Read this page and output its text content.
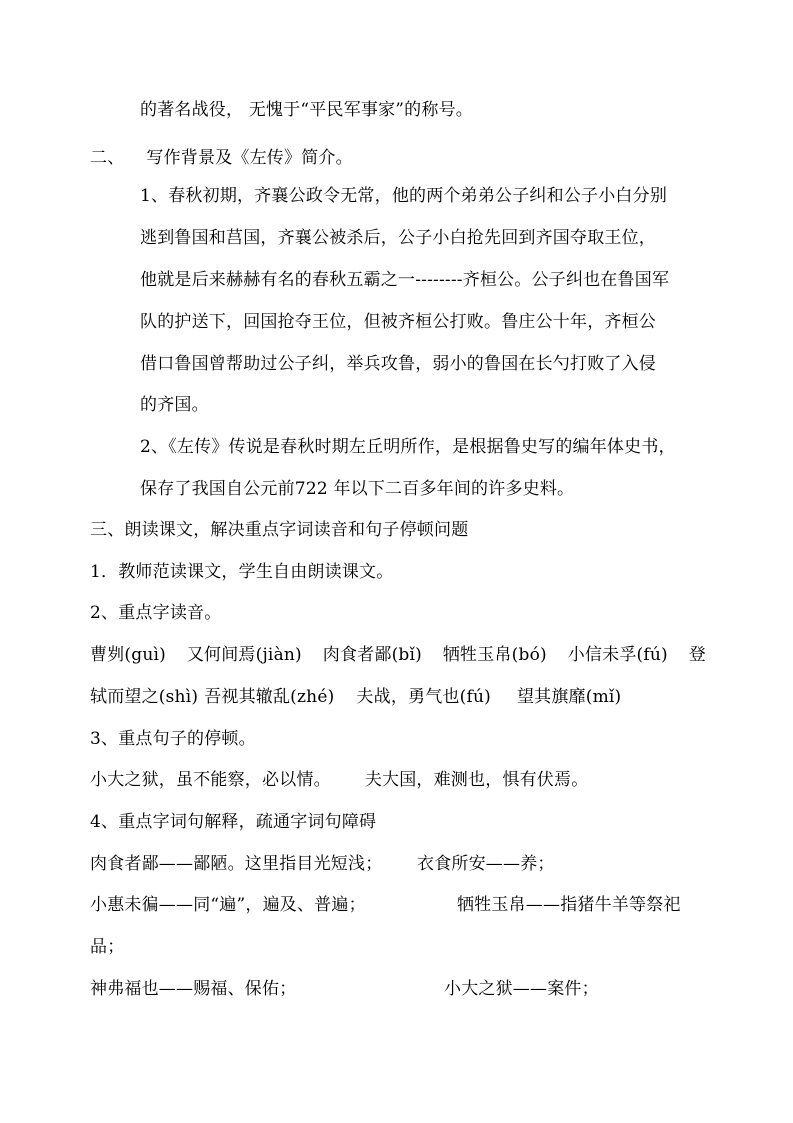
的著名战役， 无愧于“平民军事家”的称号。
二、 写作背景及《左传》简介。
1、春秋初期，齐襄公政令无常，他的两个弟弟公子纠和公子小白分别
逃到鲁国和莒国，齐襄公被杀后，公子小白抢先回到齐国夺取王位，
他就是后来赫赫有名的春秋五霸之一--------齐桓公。公子纠也在鲁国军
队的护送下，回国抢夺王位，但被齐桓公打败。鲁庄公十年，齐桓公
借口鲁国曾帮助过公子纠，举兵攻鲁，弱小的鲁国在长勺打败了入侵
的齐国。
2、《左传》传说是春秋时期左丘明所作，是根据鲁史写的编年体史书，
保存了我国自公元前722 年以下二百多年间的许多史料。
三、朗读课文，解决重点字词读音和句子停顿问题
1．教师范读课文，学生自由朗读课文。
2、重点字读音。
曹刿(guì) 又何间焉(jiàn) 肉食者鄙(bǐ) 牺牲玉帛(bó) 小信未孚(fú) 登
轼而望之(shì) 吾视其辙乱(zhé) 夫战，勇气也(fú) 望其旗靡(mǐ)
3、重点句子的停顿。
小大之狱，虽不能察，必以情。 夫大国，难测也，惧有伏焉。
4、重点字词句解释，疏通字词句障碍
肉食者鄙——鄙陋。这里指目光短浅； 衣食所安——养；
小惠未徧——同“遍”，遍及、普遍；	牺牲玉帛——指猪牛羊等祭祀
品；
神弗福也——赐福、保佑；	小大之狱——案件；
